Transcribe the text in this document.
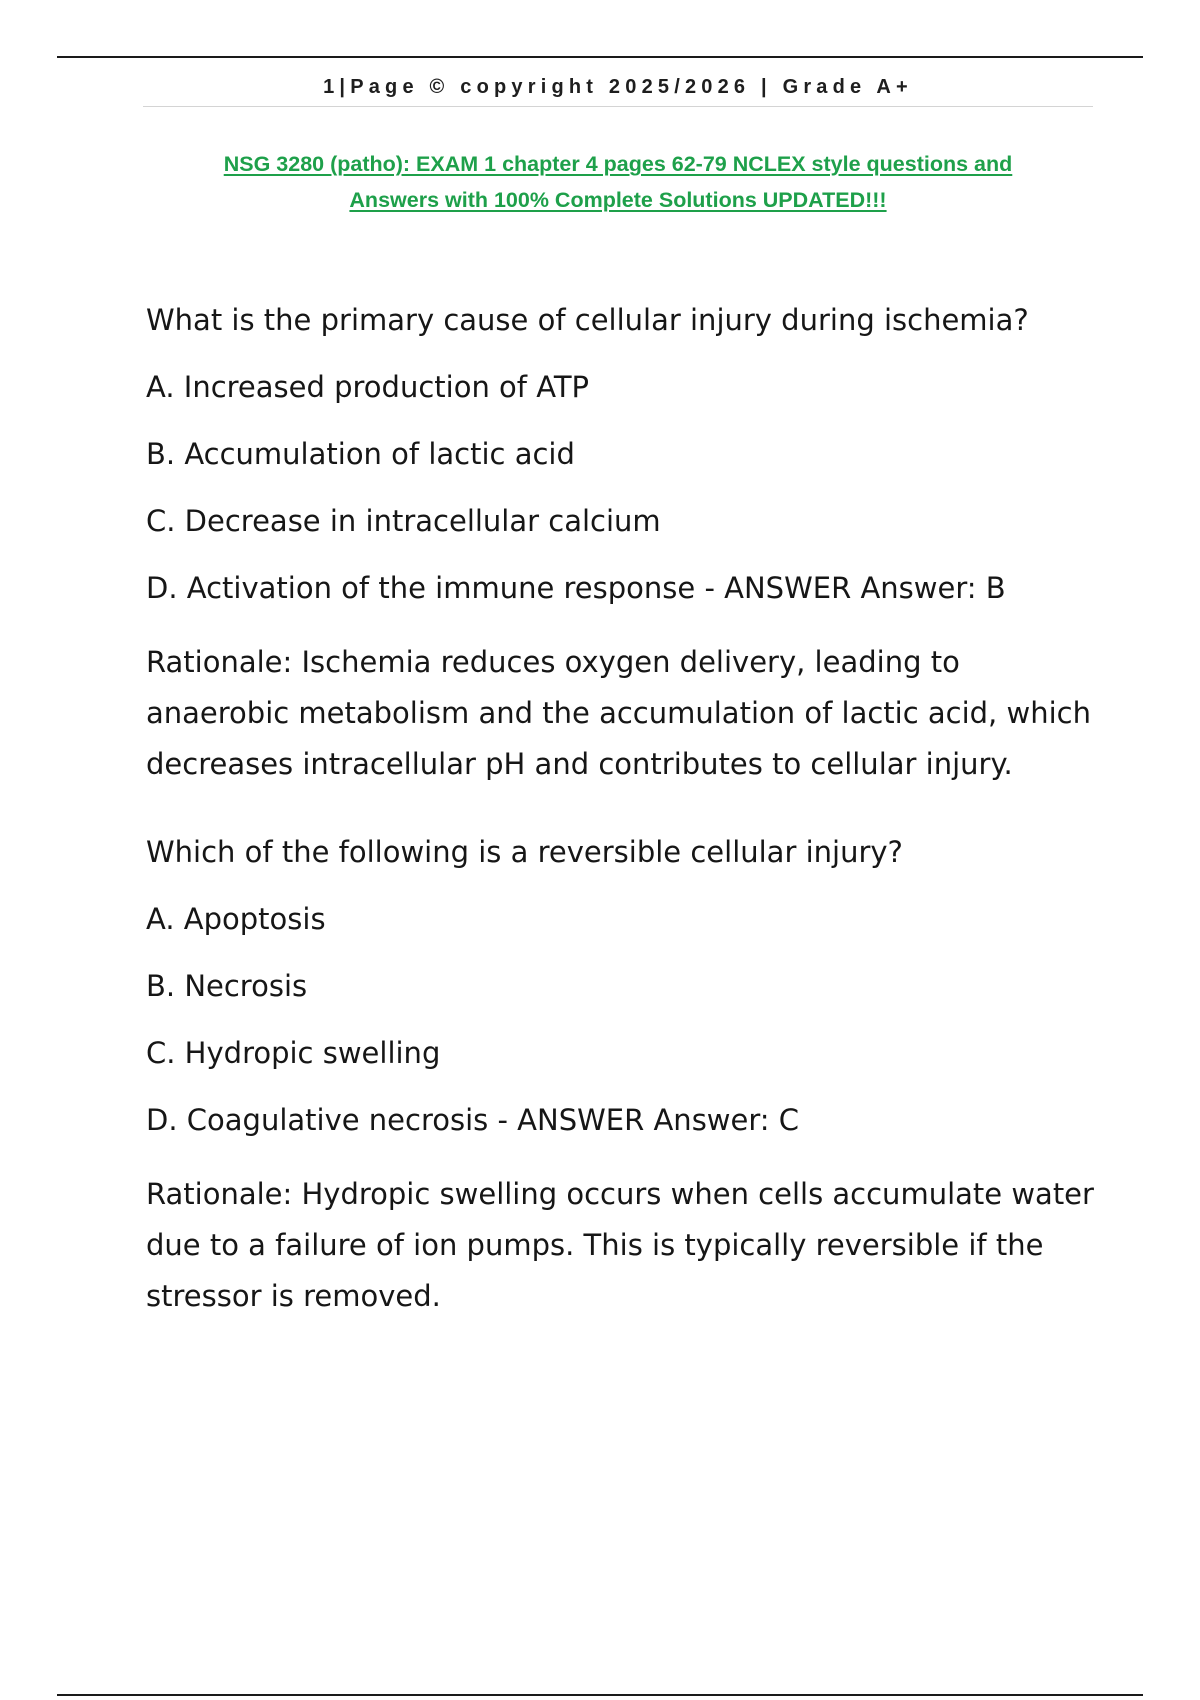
1|Page © copyright 2025/2026 | Grade A+
NSG 3280 (patho): EXAM 1 chapter 4 pages 62-79 NCLEX style questions and
Answers with 100% Complete Solutions UPDATED!!!

What is the primary cause of cellular injury during ischemia?

A. Increased production of ATP

B. Accumulation of lactic acid

C. Decrease in intracellular calcium

D. Activation of the immune response - ANSWER Answer: B

Rationale: Ischemia reduces oxygen delivery, leading to anaerobic metabolism and the accumulation of lactic acid, which decreases intracellular pH and contributes to cellular injury.

Which of the following is a reversible cellular injury?

A. Apoptosis

B. Necrosis

C. Hydropic swelling

D. Coagulative necrosis - ANSWER Answer: C

Rationale: Hydropic swelling occurs when cells accumulate water due to a failure of ion pumps. This is typically reversible if the stressor is removed.
